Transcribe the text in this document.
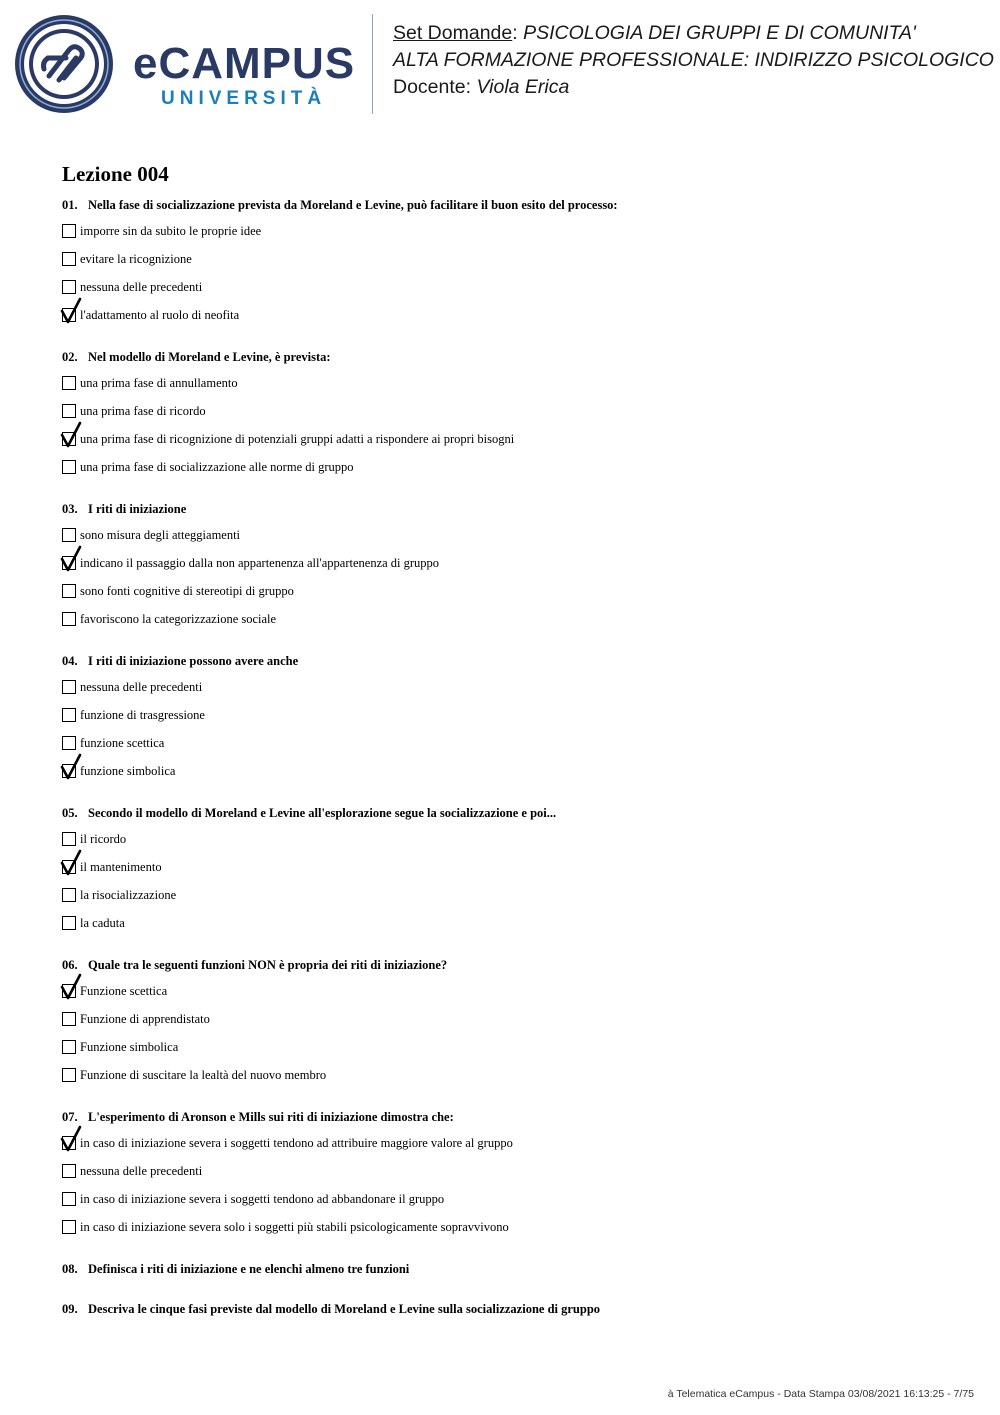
eCAMPUS
UNIVERSITÀ
Set Domande: PSICOLOGIA DEI GRUPPI E DI COMUNITA'
ALTA FORMAZIONE PROFESSIONALE: INDIRIZZO PSICOLOGICO
Docente: Viola Erica
Lezione 004
01. Nella fase di socializzazione prevista da Moreland e Levine, può facilitare il buon esito del processo:
imporre sin da subito le proprie idee
evitare la ricognizione
nessuna delle precedenti
l'adattamento al ruolo di neofita
02. Nel modello di Moreland e Levine, è prevista:
una prima fase di annullamento
una prima fase di ricordo
una prima fase di ricognizione di potenziali gruppi adatti a rispondere ai propri bisogni
una prima fase di socializzazione alle norme di gruppo
03. I riti di iniziazione
sono misura degli atteggiamenti
indicano il passaggio dalla non appartenenza all'appartenenza di gruppo
sono fonti cognitive di stereotipi di gruppo
favoriscono la categorizzazione sociale
04. I riti di iniziazione possono avere anche
nessuna delle precedenti
funzione di trasgressione
funzione scettica
funzione simbolica
05. Secondo il modello di Moreland e Levine all'esplorazione segue la socializzazione e poi...
il ricordo
il mantenimento
la risocializzazione
la caduta
06. Quale tra le seguenti funzioni NON è propria dei riti di iniziazione?
Funzione scettica
Funzione di apprendistato
Funzione simbolica
Funzione di suscitare la lealtà del nuovo membro
07. L'esperimento di Aronson e Mills sui riti di iniziazione dimostra che:
in caso di iniziazione severa i soggetti tendono ad attribuire maggiore valore al gruppo
nessuna delle precedenti
in caso di iniziazione severa i soggetti tendono ad abbandonare il gruppo
in caso di iniziazione severa solo i soggetti più stabili psicologicamente sopravvivono
08. Definisca i riti di iniziazione e ne elenchi almeno tre funzioni
09. Descriva le cinque fasi previste dal modello di Moreland e Levine sulla socializzazione di gruppo
à Telematica eCampus - Data Stampa 03/08/2021 16:13:25 - 7/75
